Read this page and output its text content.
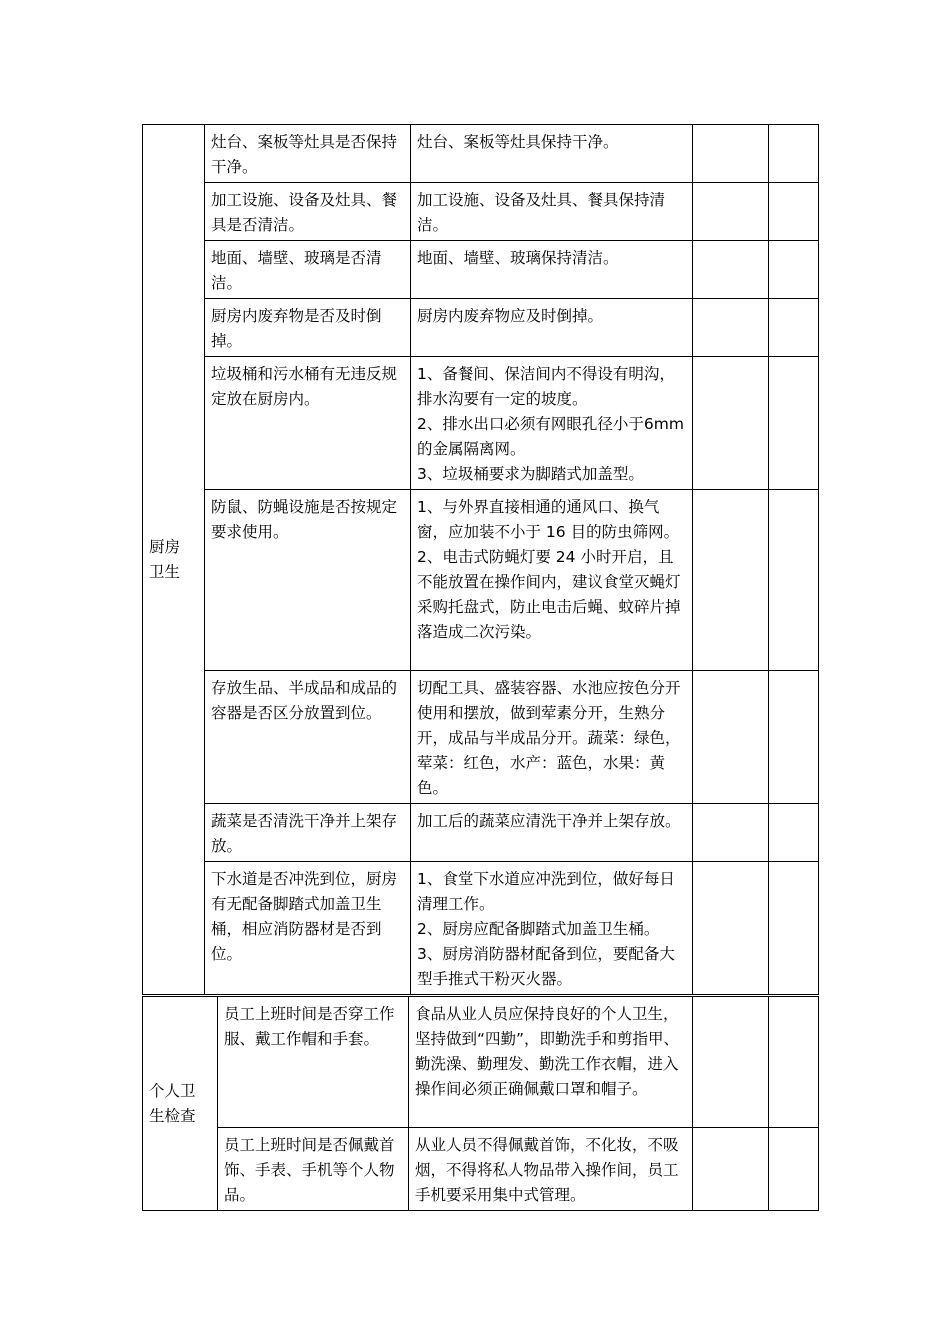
厨房
卫生	灶台、案板等灶具是否保持干净。	灶台、案板等灶具保持干净。		
	加工设施、设备及灶具、餐具是否清洁。	加工设施、设备及灶具、餐具保持清洁。		
	地面、墙壁、玻璃是否清洁。	地面、墙壁、玻璃保持清洁。		
	厨房内废弃物是否及时倒掉。	厨房内废弃物应及时倒掉。		
	垃圾桶和污水桶有无违反规定放在厨房内。	1、备餐间、保洁间内不得设有明沟，排水沟要有一定的坡度。
2、排水出口必须有网眼孔径小于6mm的金属隔离网。
3、垃圾桶要求为脚踏式加盖型。		
	防鼠、防蝇设施是否按规定要求使用。	1、与外界直接相通的通风口、换气窗，应加装不小于 16 目的防虫筛网。
2、电击式防蝇灯要 24 小时开启，且不能放置在操作间内，建议食堂灭蝇灯采购托盘式，防止电击后蝇、蚊碎片掉落造成二次污染。		
	存放生品、半成品和成品的容器是否区分放置到位。	切配工具、盛装容器、水池应按色分开使用和摆放，做到荤素分开，生熟分开，成品与半成品分开。蔬菜：绿色，荤菜：红色，水产：蓝色，水果：黄色。		
	蔬菜是否清洗干净并上架存放。	加工后的蔬菜应清洗干净并上架存放。		
	下水道是否冲洗到位，厨房有无配备脚踏式加盖卫生桶，相应消防器材是否到位。	1、食堂下水道应冲洗到位，做好每日清理工作。
2、厨房应配备脚踏式加盖卫生桶。
3、厨房消防器材配备到位，要配备大型手推式干粉灭火器。		
个人卫
生检查	员工上班时间是否穿工作服、戴工作帽和手套。	食品从业人员应保持良好的个人卫生，坚持做到“四勤”，即勤洗手和剪指甲、勤洗澡、勤理发、勤洗工作衣帽，进入操作间必须正确佩戴口罩和帽子。		
	员工上班时间是否佩戴首饰、手表、手机等个人物品。	从业人员不得佩戴首饰，不化妆，不吸烟，不得将私人物品带入操作间，员工手机要采用集中式管理。		
